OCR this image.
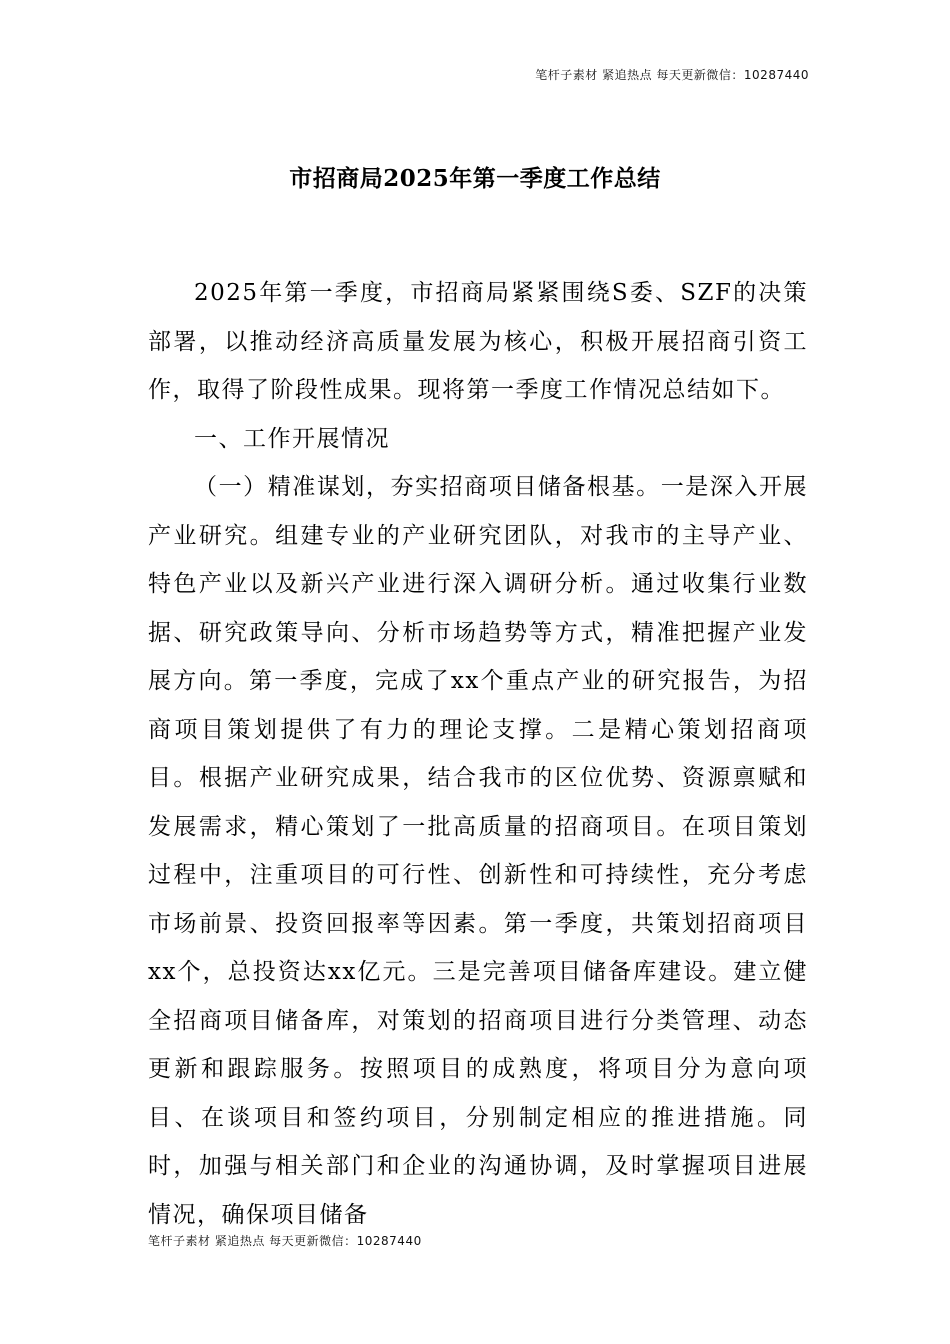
笔杆子素材 紧追热点 每天更新微信：10287440
市招商局2025年第一季度工作总结

2025年第一季度，市招商局紧紧围绕S委、SZF的决策部署，以推动经济高质量发展为核心，积极开展招商引资工作，取得了阶段性成果。现将第一季度工作情况总结如下。

一、工作开展情况

（一）精准谋划，夯实招商项目储备根基。一是深入开展产业研究。组建专业的产业研究团队，对我市的主导产业、特色产业以及新兴产业进行深入调研分析。通过收集行业数据、研究政策导向、分析市场趋势等方式，精准把握产业发展方向。第一季度，完成了xx个重点产业的研究报告，为招商项目策划提供了有力的理论支撑。二是精心策划招商项目。根据产业研究成果，结合我市的区位优势、资源禀赋和发展需求，精心策划了一批高质量的招商项目。在项目策划过程中，注重项目的可行性、创新性和可持续性，充分考虑市场前景、投资回报率等因素。第一季度，共策划招商项目xx个，总投资达xx亿元。三是完善项目储备库建设。建立健全招商项目储备库，对策划的招商项目进行分类管理、动态更新和跟踪服务。按照项目的成熟度，将项目分为意向项目、在谈项目和签约项目，分别制定相应的推进措施。同时，加强与相关部门和企业的沟通协调，及时掌握项目进展情况，确保项目储备

笔杆子素材 紧追热点 每天更新微信：10287440
